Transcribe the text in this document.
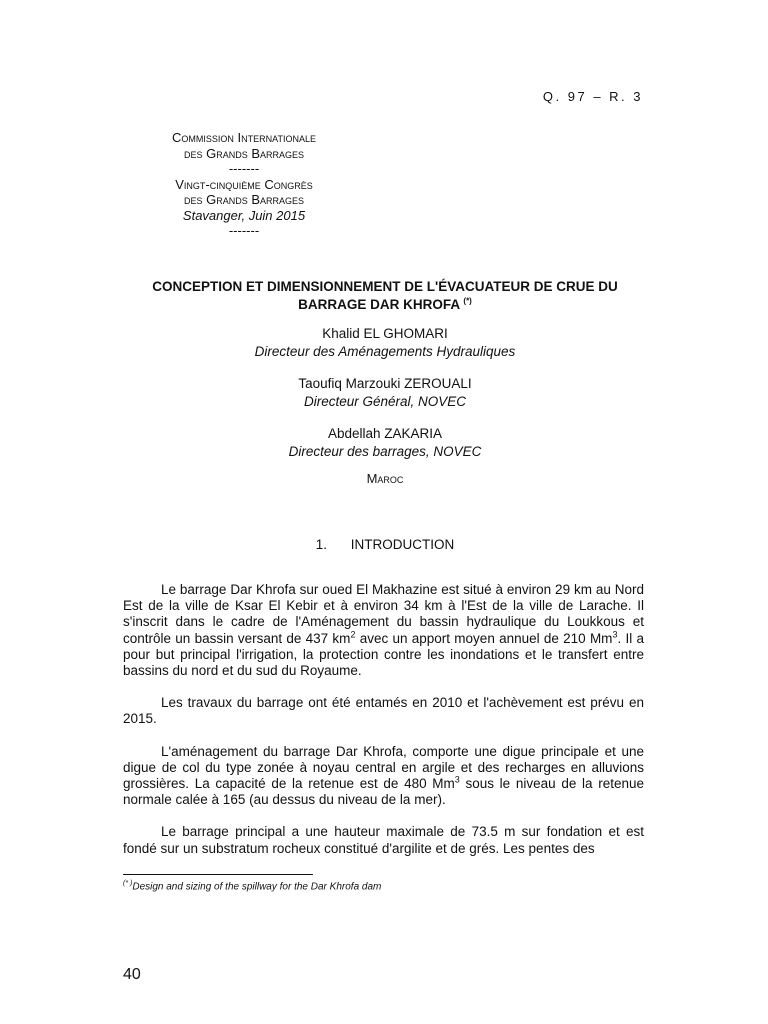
Q. 97 – R. 3
Commission Internationale
des Grands Barrages
-------
Vingt-cinquième Congrès
des Grands Barrages
Stavanger, Juin 2015
-------
CONCEPTION ET DIMENSIONNEMENT DE L'ÉVACUATEUR DE CRUE DU
BARRAGE DAR KHROFA (*)
Khalid EL GHOMARI
Directeur des Aménagements Hydrauliques
Taoufiq Marzouki ZEROUALI
Directeur Général, NOVEC
Abdellah ZAKARIA
Directeur des barrages, NOVEC
Maroc
1. INTRODUCTION

Le barrage Dar Khrofa sur oued El Makhazine est situé à environ 29 km au Nord Est de la ville de Ksar El Kebir et à environ 34 km à l'Est de la ville de Larache. Il s'inscrit dans le cadre de l'Aménagement du bassin hydraulique du Loukkous et contrôle un bassin versant de 437 $km^2$ avec un apport moyen annuel de 210 Mm$^3$. Il a pour but principal l'irrigation, la protection contre les inondations et le transfert entre bassins du nord et du sud du Royaume.

Les travaux du barrage ont été entamés en 2010 et l'achèvement est prévu en 2015.

L'aménagement du barrage Dar Khrofa, comporte une digue principale et une digue de col du type zonée à noyau central en argile et des recharges en alluvions grossières. La capacité de la retenue est de 480 Mm$^3$ sous le niveau de la retenue normale calée à 165 (au dessus du niveau de la mer).

Le barrage principal a une hauteur maximale de 73.5 m sur fondation et est fondé sur un substratum rocheux constitué d'argilite et de grés. Les pentes des

(* )Design and sizing of the spillway for the Dar Khrofa dam
40
